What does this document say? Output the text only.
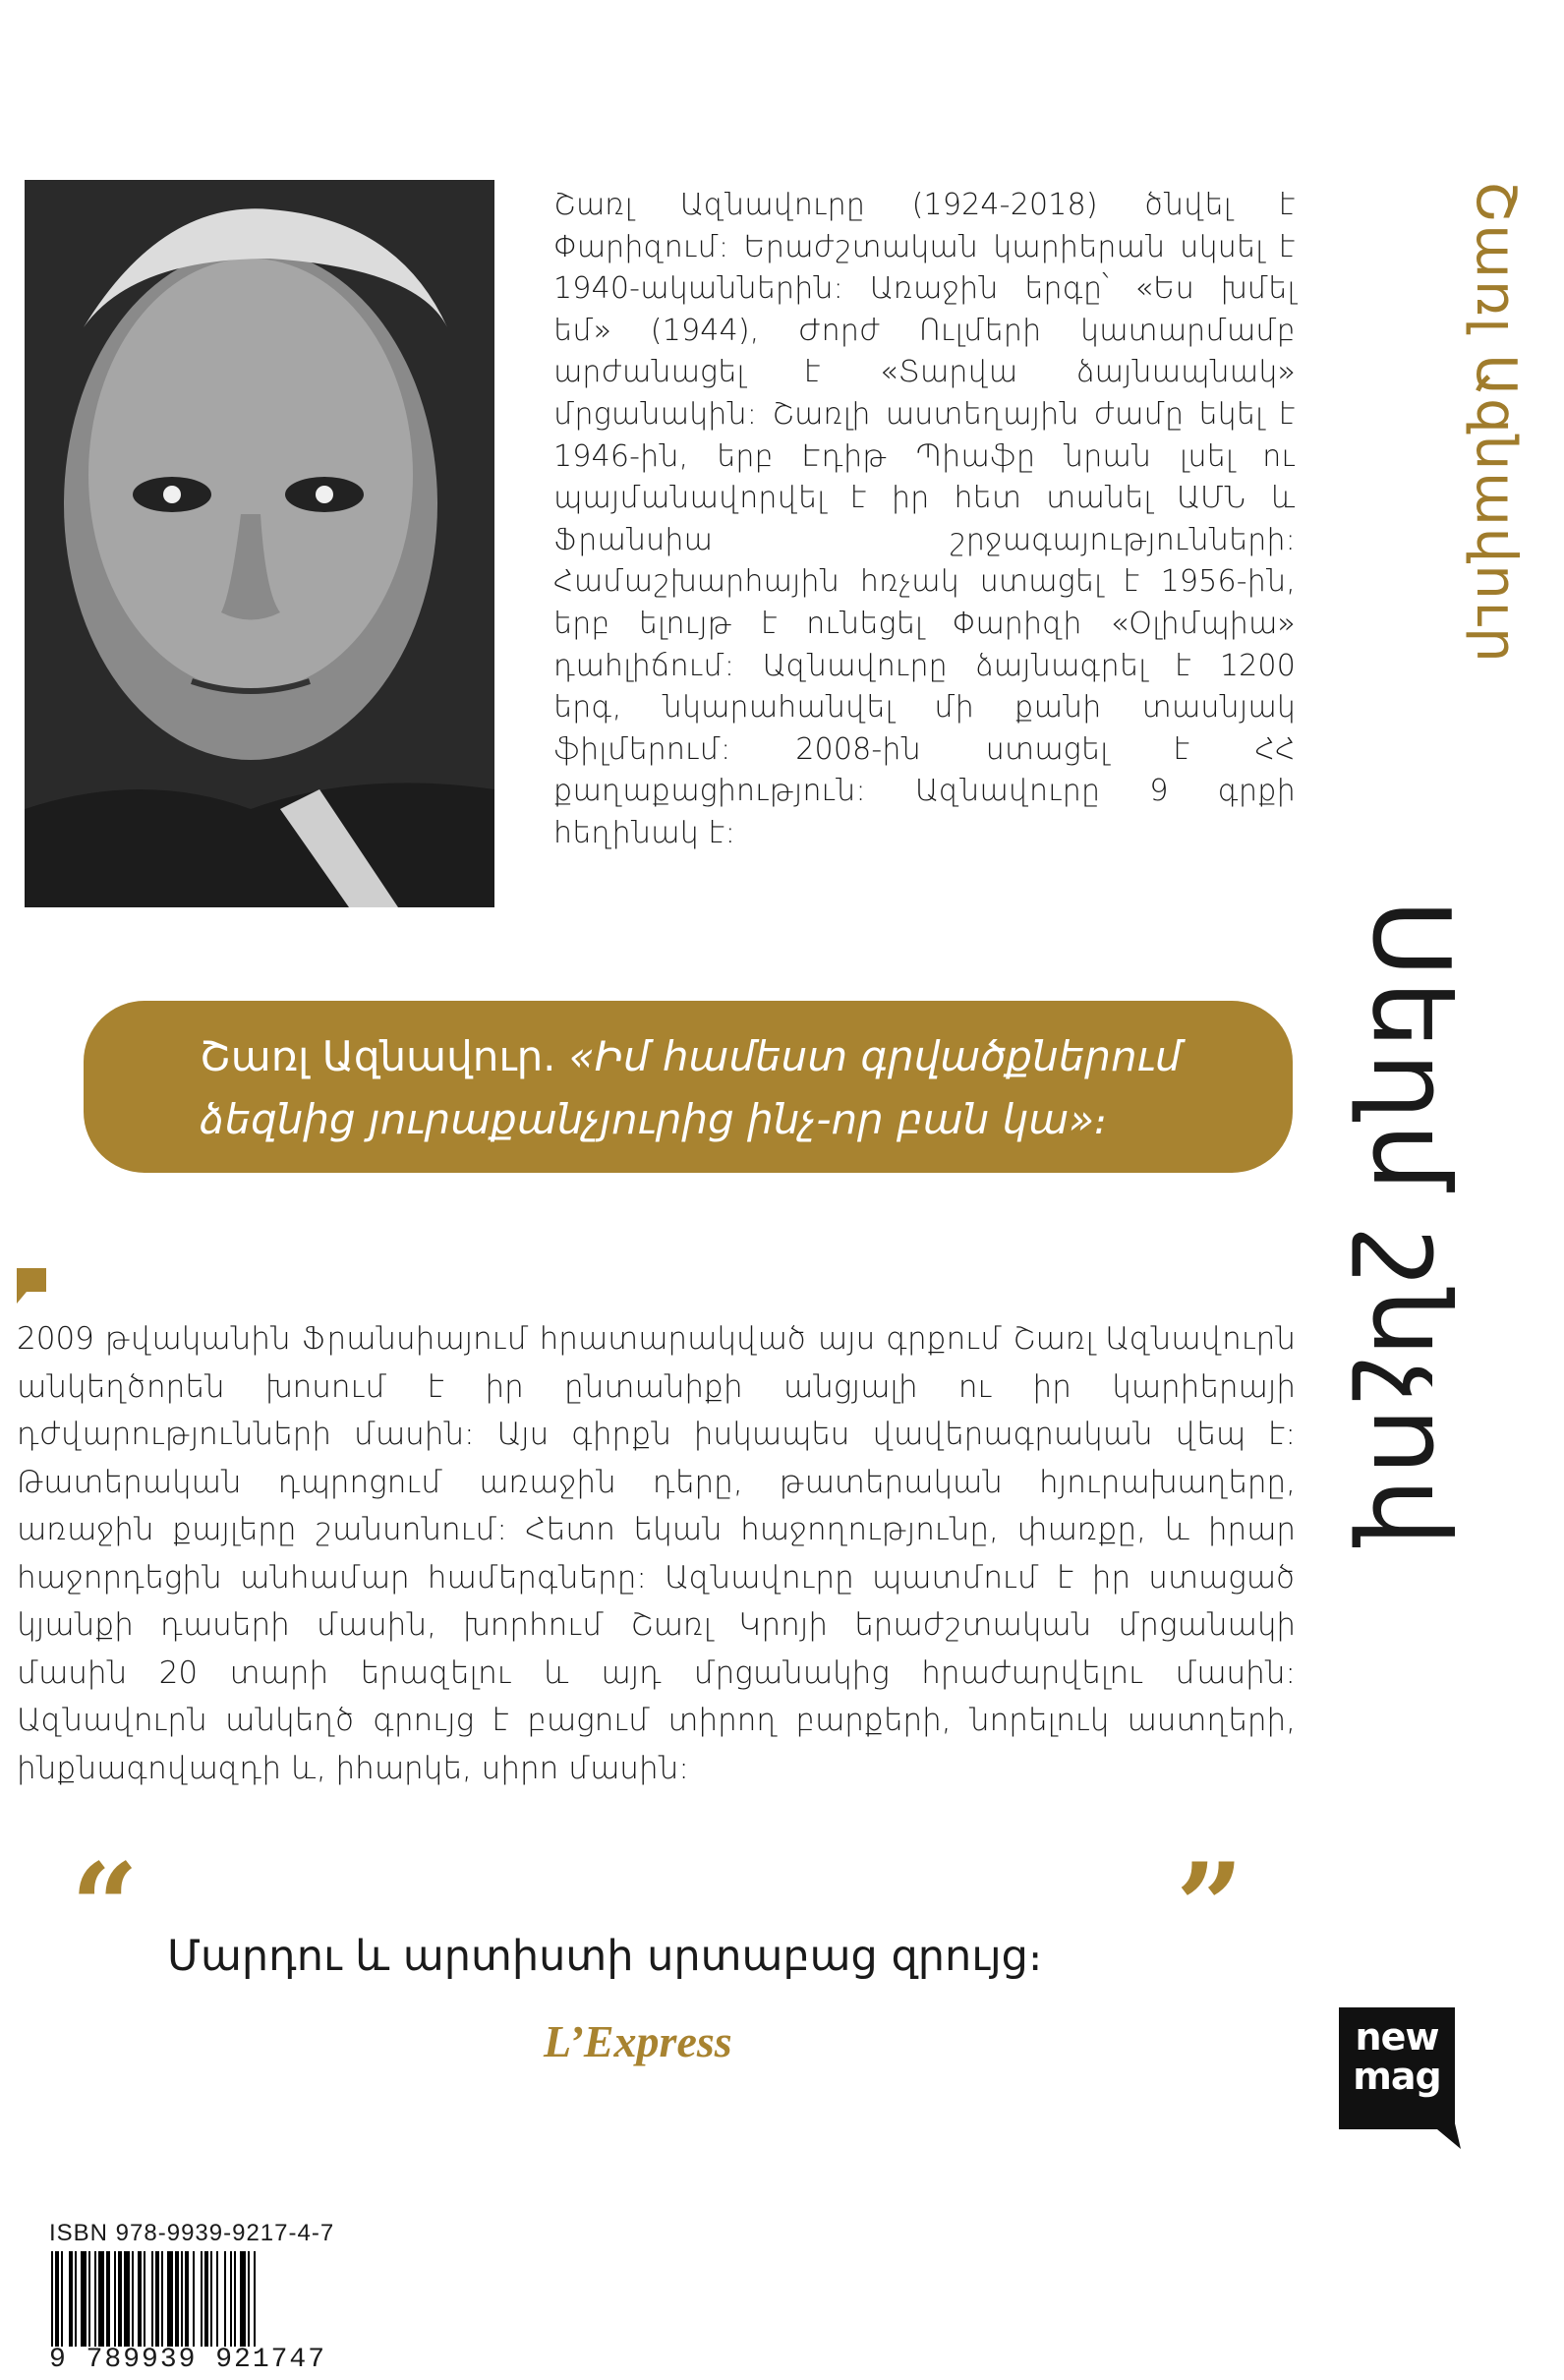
Շառլ Ազնավուրը (1924-2018) ծնվել է Փարիզում։ Երաժշտական կարիերան սկսել է 1940-ականներին։ Առաջին երգը՝ «Ես խմել եմ» (1944), Ժորժ Ուլմերի կատարմամբ արժանացել է «Տարվա ձայնապնակ» մրցանակին։ Շառլի աստեղային ժամը եկել է 1946-ին, երբ Էդիթ Պիաֆը նրան լսել ու պայմանավորվել է իր հետ տանել ԱՄՆ և Ֆրանսիա շրջագայությունների։ Համաշխարհային հռչակ ստացել է 1956-ին, երբ ելույթ է ունեցել Փարիզի «Օլիմպիա» դահլիճում։ Ազնավուրը ձայնագրել է 1200 երգ, նկարահանվել մի քանի տասնյակ ֆիլմերում։ 2008-ին ստացել է ՀՀ քաղաքացիություն։ Ազնավուրը 9 գրքի հեղինակ է։

Շառլ Ազնավուր
Սեղմ շնչով
Շառլ Ազնավուր. «Իմ համեստ գրվածքներում ձեզնից յուրաքանչյուրից ինչ-որ բան կա»։

2009 թվականին Ֆրանսիայում հրատարակված այս գրքում Շառլ Ազնավուրն անկեղծորեն խոսում է իր ընտանիքի անցյալի ու իր կարիերայի դժվարությունների մասին։ Այս գիրքն իսկապես վավերագրական վեպ է։ Թատերական դպրոցում առաջին դերը, թատերական հյուրախաղերը, առաջին քայլերը շանսոնում։ Հետո եկան հաջողությունը, փառքը, և իրար հաջորդեցին անհամար համերգները։ Ազնավուրը պատմում է իր ստացած կյանքի դասերի մասին, խորհում Շառլ Կրոյի երաժշտական մրցանակի մասին 20 տարի երազելու և այդ մրցանակից հրաժարվելու մասին։ Ազնավուրն անկեղծ գրույց է բացում տիրող բարքերի, նորելուկ աստղերի, ինքնագովազդի և, իհարկե, սիրո մասին։

“ Մարդու և արտիստի սրտաբաց զրույց։ ”
L’Express	new
mag
ISBN 978-9939-9217-4-7
9 789939 921747
